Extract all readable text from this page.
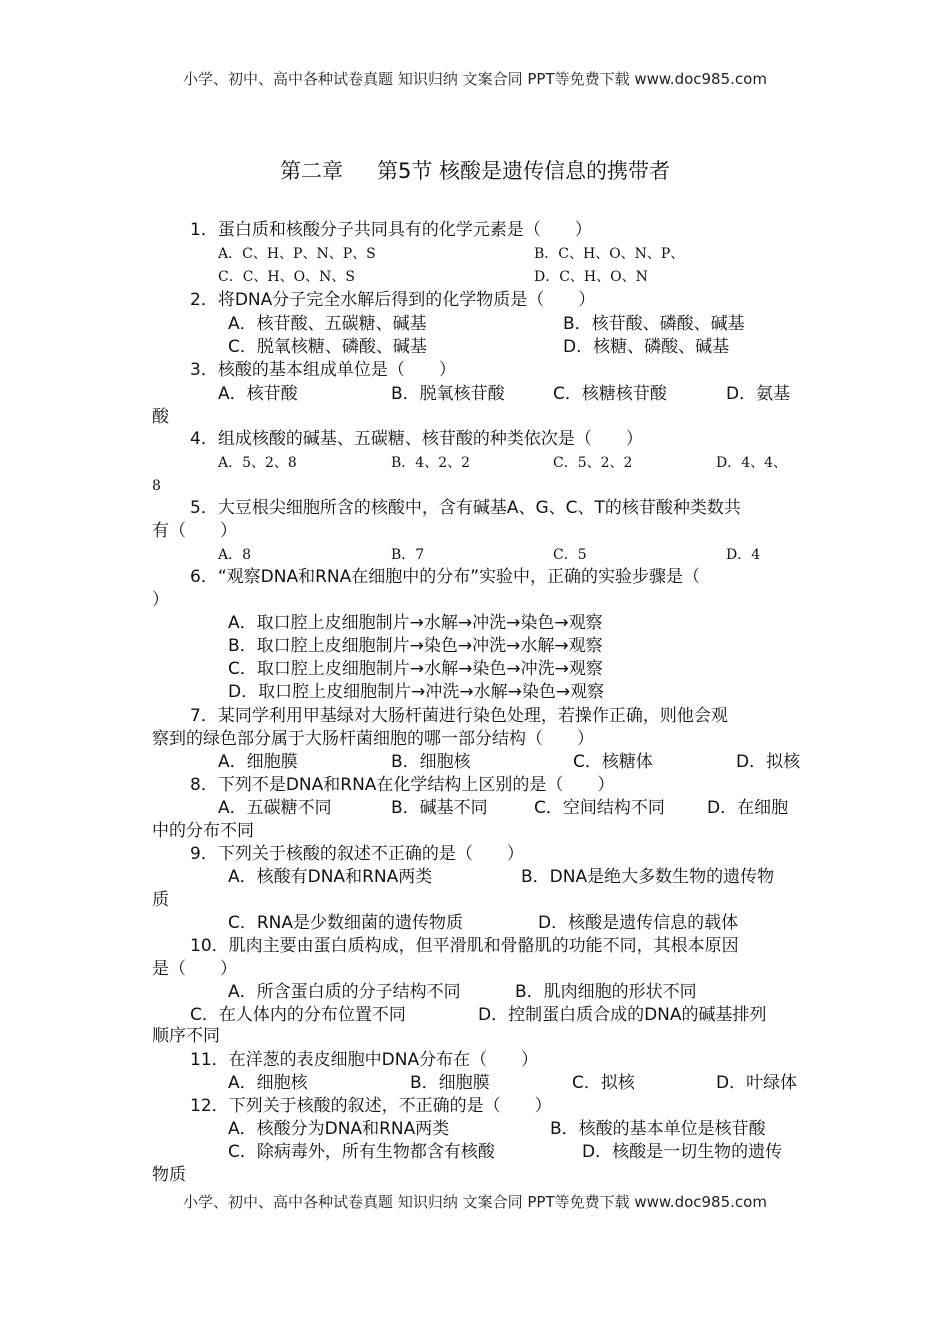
小学、初中、高中各种试卷真题 知识归纳 文案合同 PPT等免费下载 www.doc985.com
第二章 第5节 核酸是遗传信息的携带者
1．蛋白质和核酸分子共同具有的化学元素是（　　）
A．C、H、P、N、P、S	B．C、H、O、N、P、
C．C、H、O、N、S	D．C、H、O、N
2．将DNA分子完全水解后得到的化学物质是（　　）
A．核苷酸、五碳糖、碱基	B．核苷酸、磷酸、碱基
C．脱氧核糖、磷酸、碱基	D．核糖、磷酸、碱基
3．核酸的基本组成单位是（　　）
A．核苷酸	B．脱氧核苷酸	C．核糖核苷酸	D．氨基
酸
4．组成核酸的碱基、五碳糖、核苷酸的种类依次是（　　）
A．5、2、8	B．4、2、2	C．5、2、2	D．4、4、
8
5．大豆根尖细胞所含的核酸中，含有碱基A、G、C、T的核苷酸种类数共
有（　　）
A．8	B．7	C．5	D．4
6．“观察DNA和RNA在细胞中的分布”实验中，正确的实验步骤是（
）
A．取口腔上皮细胞制片→水解→冲洗→染色→观察
B．取口腔上皮细胞制片→染色→冲洗→水解→观察
C．取口腔上皮细胞制片→水解→染色→冲洗→观察
D．取口腔上皮细胞制片→冲洗→水解→染色→观察
7．某同学利用甲基绿对大肠杆菌进行染色处理，若操作正确，则他会观
察到的绿色部分属于大肠杆菌细胞的哪一部分结构（　　）
A．细胞膜	B．细胞核	C．核糖体	D．拟核
8．下列不是DNA和RNA在化学结构上区别的是（　　）
A．五碳糖不同	B．碱基不同	C．空间结构不同	D．在细胞
中的分布不同
9．下列关于核酸的叙述不正确的是（　　）
A．核酸有DNA和RNA两类	B．DNA是绝大多数生物的遗传物
质
C．RNA是少数细菌的遗传物质	D．核酸是遗传信息的载体
10．肌肉主要由蛋白质构成，但平滑肌和骨骼肌的功能不同，其根本原因
是（　　）
A．所含蛋白质的分子结构不同	B．肌肉细胞的形状不同
C．在人体内的分布位置不同	D．控制蛋白质合成的DNA的碱基排列
顺序不同
11．在洋葱的表皮细胞中DNA分布在（　　）
A．细胞核	B．细胞膜	C．拟核	D．叶绿体
12．下列关于核酸的叙述，不正确的是（　　）
A．核酸分为DNA和RNA两类	B．核酸的基本单位是核苷酸
C．除病毒外，所有生物都含有核酸	D．核酸是一切生物的遗传
物质
小学、初中、高中各种试卷真题 知识归纳 文案合同 PPT等免费下载 www.doc985.com
